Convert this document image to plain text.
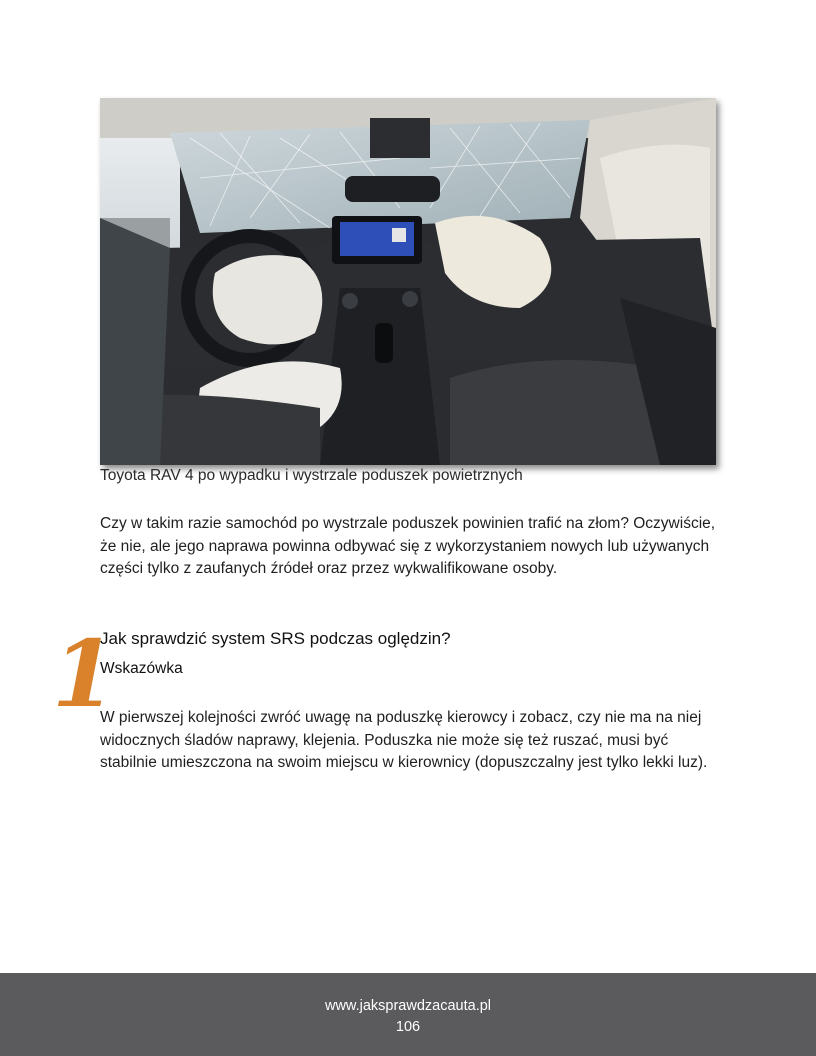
Toyota RAV 4 po wypadku i wystrzale poduszek powietrznych
Czy w takim razie samochód po wystrzale poduszek powinien trafić na złom? Oczywiście, że nie, ale jego naprawa powinna odbywać się z wykorzystaniem nowych lub używanych części tylko z zaufanych źródeł oraz przez wykwalifikowane osoby.
1
Jak sprawdzić system SRS podczas oględzin?
Wskazówka
W pierwszej kolejności zwróć uwagę na poduszkę kierowcy i zobacz, czy nie ma na niej widocznych śladów naprawy, klejenia. Poduszka nie może się też ruszać, musi być stabilnie umieszczona na swoim miejscu w kierownicy (dopuszczalny jest tylko lekki luz).
www.jaksprawdzacauta.pl
106
